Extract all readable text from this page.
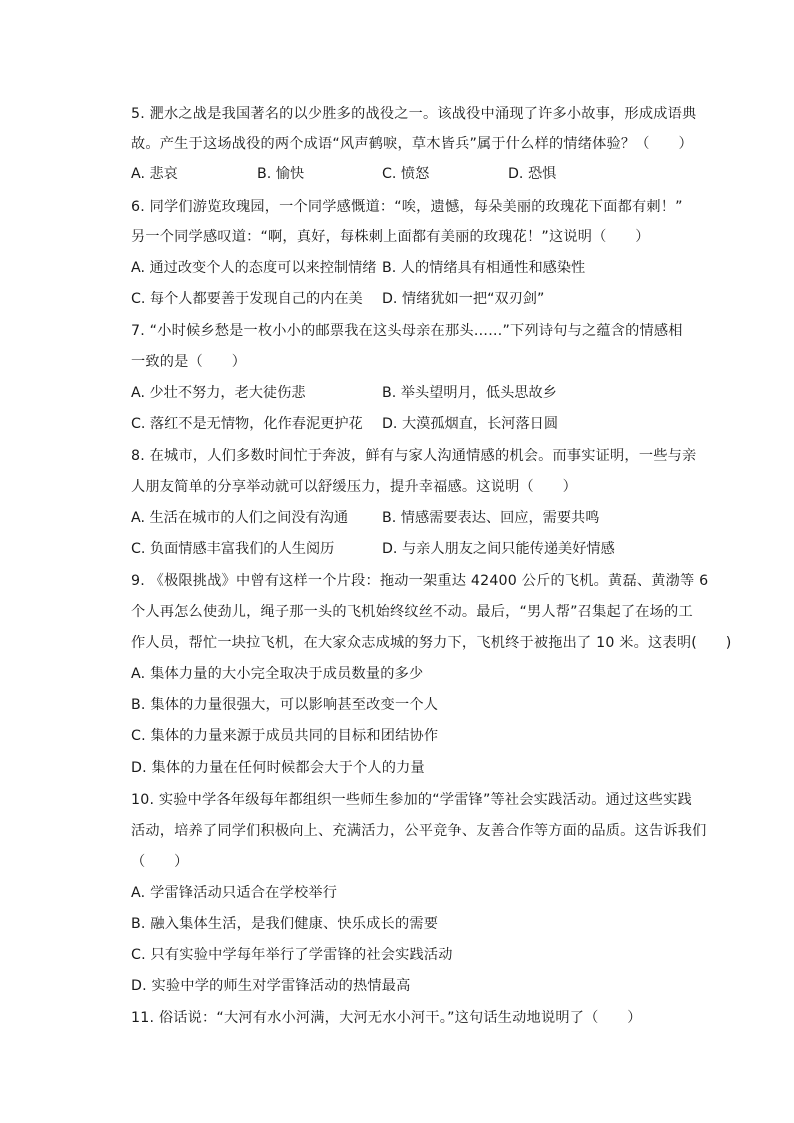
5. 淝水之战是我国著名的以少胜多的战役之一。该战役中涌现了许多小故事，形成成语典
故。产生于这场战役的两个成语“风声鹤唳，草木皆兵”属于什么样的情绪体验？（　　）
A. 悲哀	B. 愉快	C. 愤怒	D. 恐惧
6. 同学们游览玫瑰园，一个同学感慨道：“唉，遗憾，每朵美丽的玫瑰花下面都有刺！”
另一个同学感叹道：“啊，真好，每株刺上面都有美丽的玫瑰花！”这说明（　　）
A. 通过改变个人的态度可以来控制情绪 B. 人的情绪具有相通性和感染性
C. 每个人都要善于发现自己的内在美 D. 情绪犹如一把“双刃剑”
7. “小时候乡愁是一枚小小的邮票我在这头母亲在那头……”下列诗句与之蕴含的情感相
一致的是（　　）
A. 少壮不努力，老大徒伤悲	B. 举头望明月，低头思故乡
C. 落红不是无情物，化作春泥更护花 D. 大漠孤烟直，长河落日圆
8. 在城市，人们多数时间忙于奔波，鲜有与家人沟通情感的机会。而事实证明，一些与亲
人朋友简单的分享举动就可以舒缓压力，提升幸福感。这说明（　　）
A. 生活在城市的人们之间没有沟通 B. 情感需要表达、回应，需要共鸣
C. 负面情感丰富我们的人生阅历	D. 与亲人朋友之间只能传递美好情感
9. 《极限挑战》中曾有这样一个片段：拖动一架重达 42400 公斤的飞机。黄磊、黄渤等 6
个人再怎么使劲儿，绳子那一头的飞机始终纹丝不动。最后，“男人帮”召集起了在场的工
作人员，帮忙一块拉飞机，在大家众志成城的努力下，飞机终于被拖出了 10 米。这表明(　　)
A. 集体力量的大小完全取决于成员数量的多少
B. 集体的力量很强大，可以影响甚至改变一个人
C. 集体的力量来源于成员共同的目标和团结协作
D. 集体的力量在任何时候都会大于个人的力量
10. 实验中学各年级每年都组织一些师生参加的“学雷锋”等社会实践活动。通过这些实践
活动，培养了同学们积极向上、充满活力，公平竞争、友善合作等方面的品质。这告诉我们
（　　）
A. 学雷锋活动只适合在学校举行
B. 融入集体生活，是我们健康、快乐成长的需要
C. 只有实验中学每年举行了学雷锋的社会实践活动
D. 实验中学的师生对学雷锋活动的热情最高
11. 俗话说：“大河有水小河满，大河无水小河干。”这句话生动地说明了（　　）
